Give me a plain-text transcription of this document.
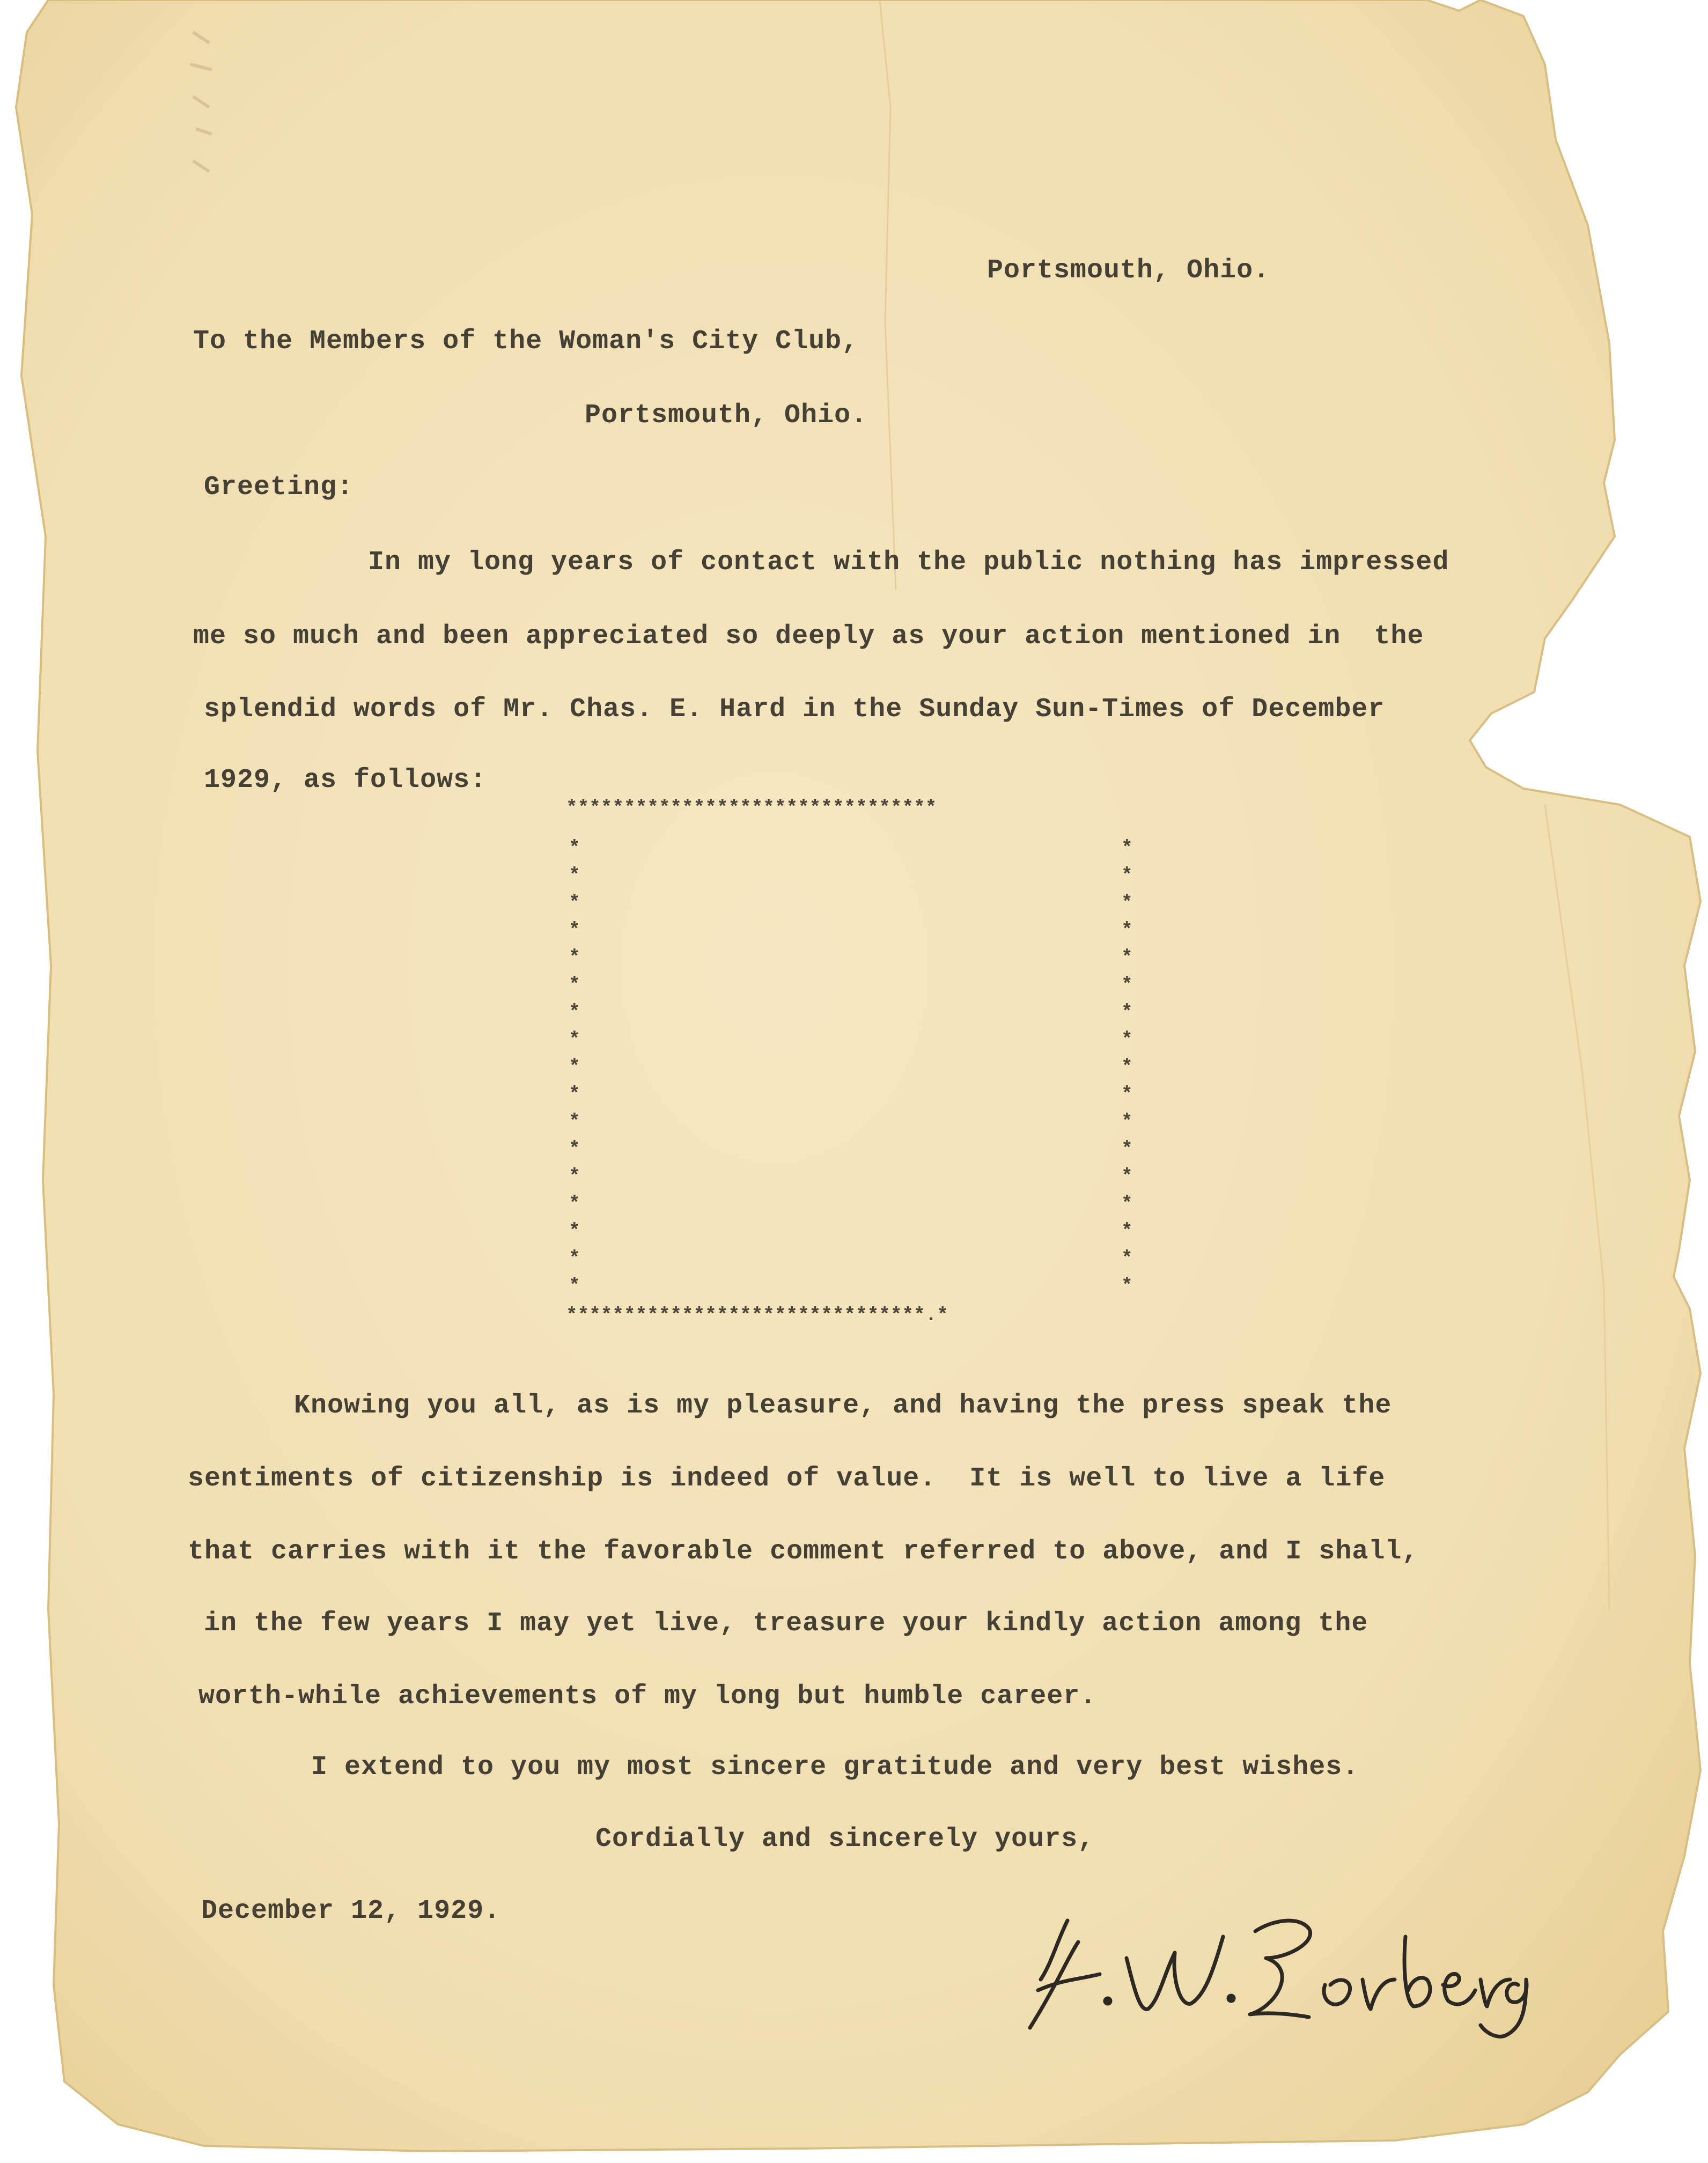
Portsmouth, Ohio.
To the Members of the Woman's City Club,
Portsmouth, Ohio.
Greeting:
In my long years of contact with the public nothing has impressed
me so much and been appreciated so deeply as your action mentioned in  the
splendid words of Mr. Chas. E. Hard in the Sunday Sun-Times of December
1929, as follows:
********************************
*******************************.*
*
*
*
*
*
*
*
*
*
*
*
*
*
*
*
*
*
*
*
*
*
*
*
*
*
*
*
*
*
*
*
*
*
*
Knowing you all, as is my pleasure, and having the press speak the
sentiments of citizenship is indeed of value.  It is well to live a life
that carries with it the favorable comment referred to above, and I shall,
in the few years I may yet live, treasure your kindly action among the
worth-while achievements of my long but humble career.
I extend to you my most sincere gratitude and very best wishes.
Cordially and sincerely yours,
December 12, 1929.
